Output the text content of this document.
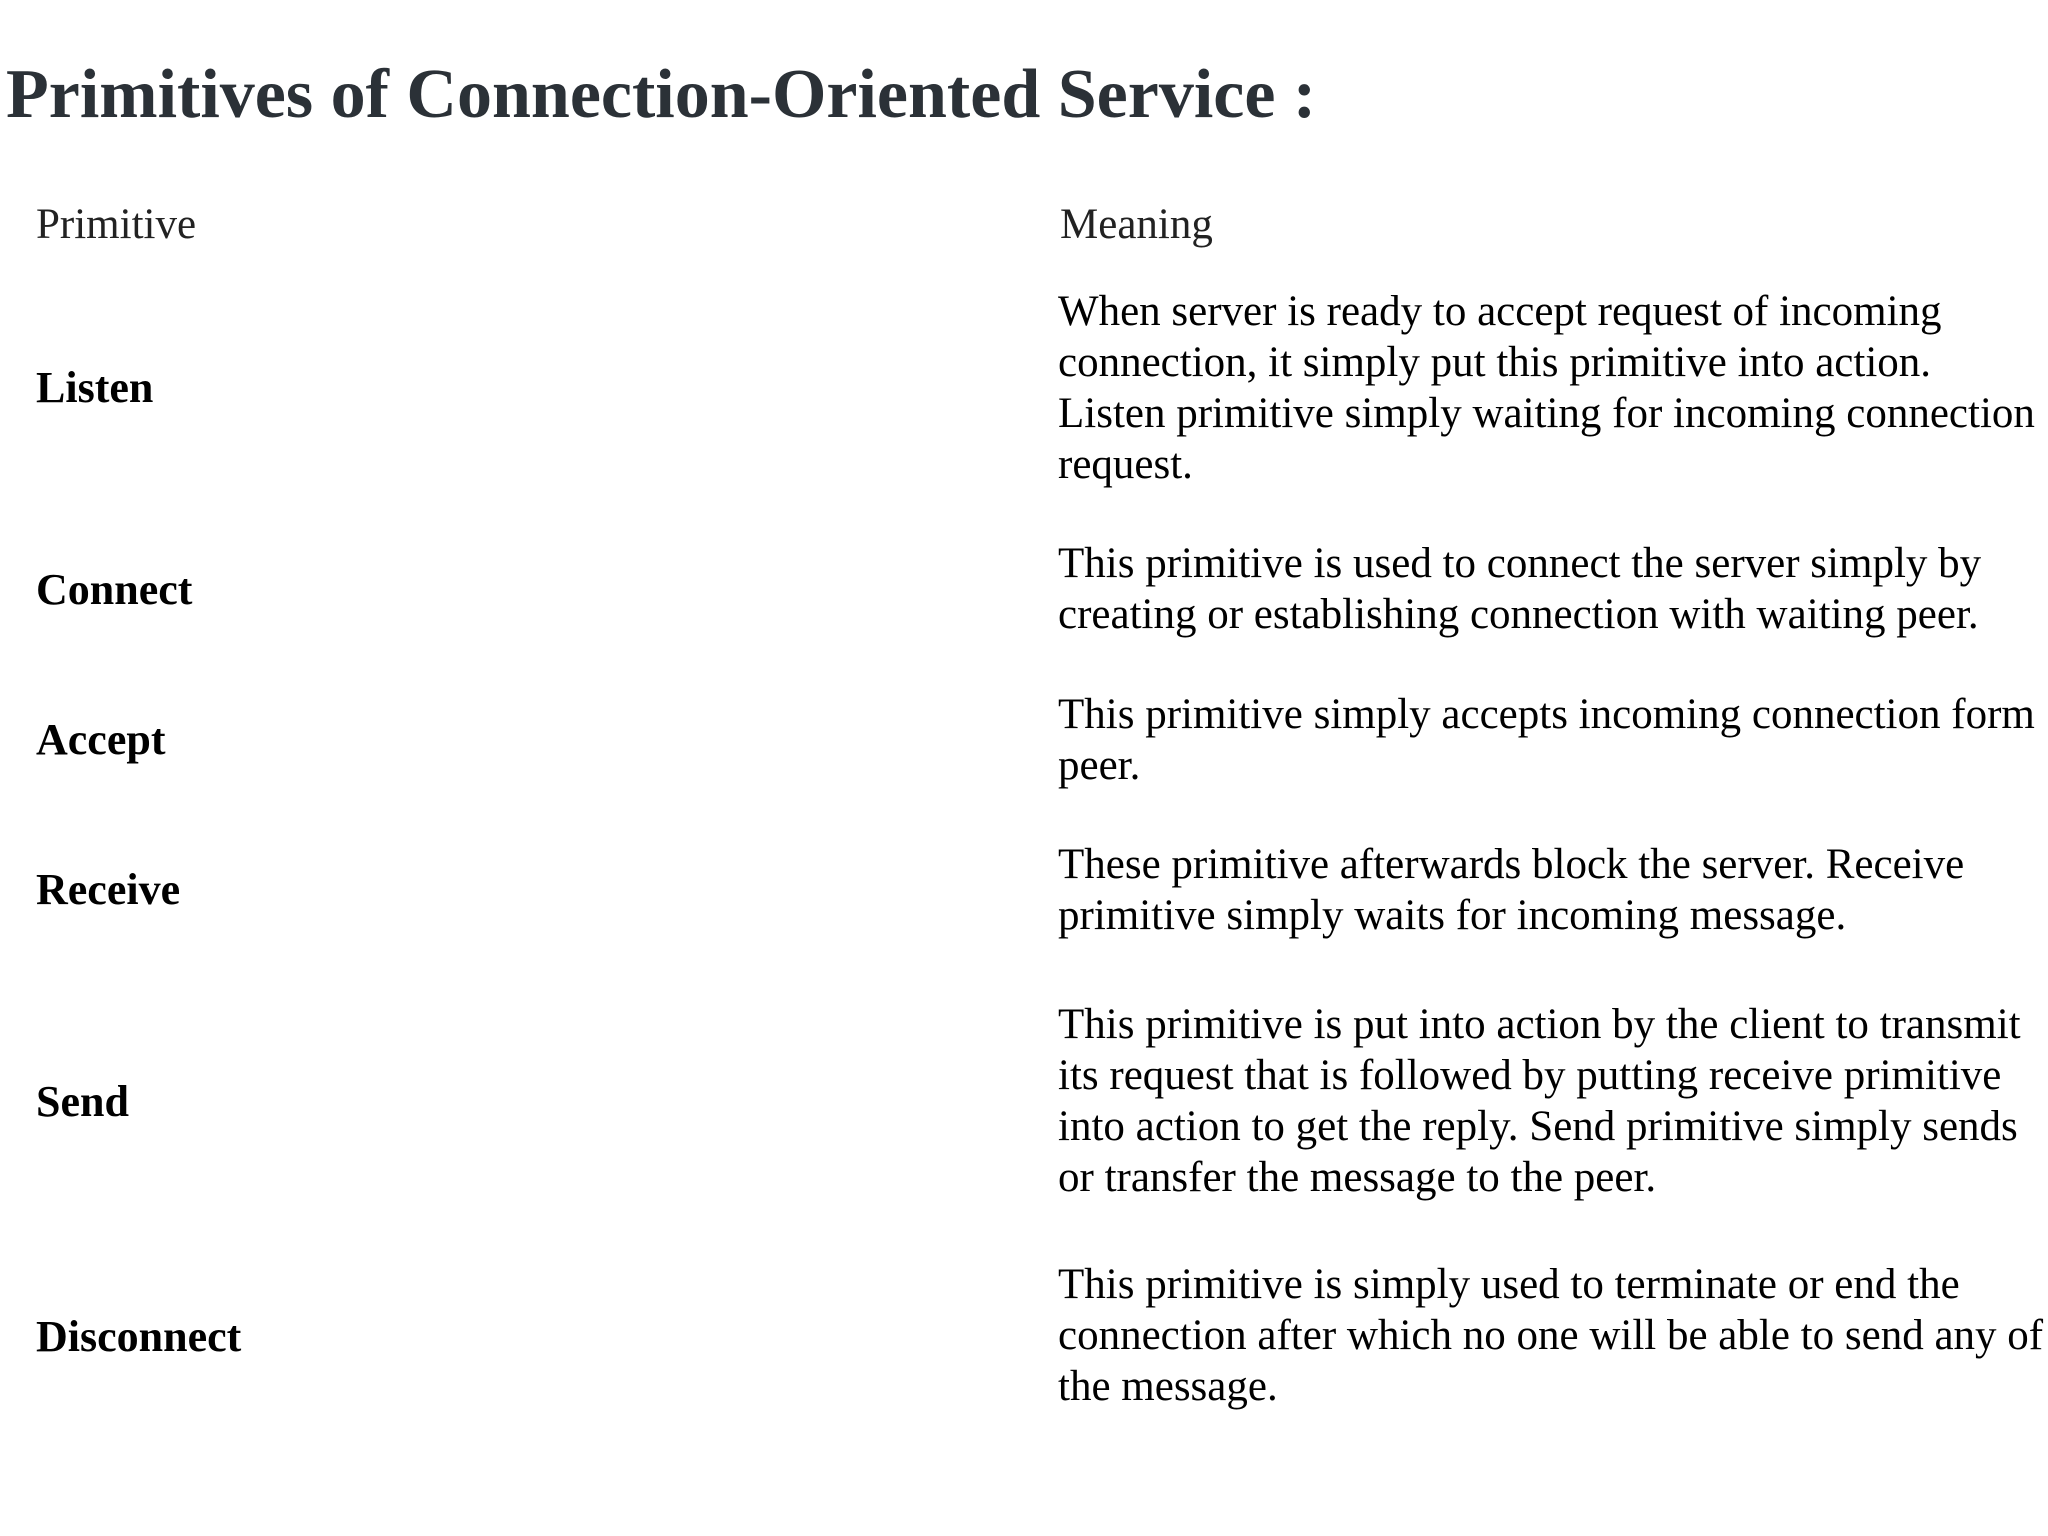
Primitives of Connection-Oriented Service :
Primitive	Meaning
Listen
When server is ready to accept request of incoming connection, it simply put this primitive into action. Listen primitive simply waiting for incoming connection request.
Connect
This primitive is used to connect the server simply by creating or establishing connection with waiting peer.
Accept
This primitive simply accepts incoming connection form peer.
Receive
These primitive afterwards block the server. Receive primitive simply waits for incoming message.
Send
This primitive is put into action by the client to transmit its request that is followed by putting receive primitive into action to get the reply. Send primitive simply sends or transfer the message to the peer.
Disconnect
This primitive is simply used to terminate or end the connection after which no one will be able to send any of the message.
